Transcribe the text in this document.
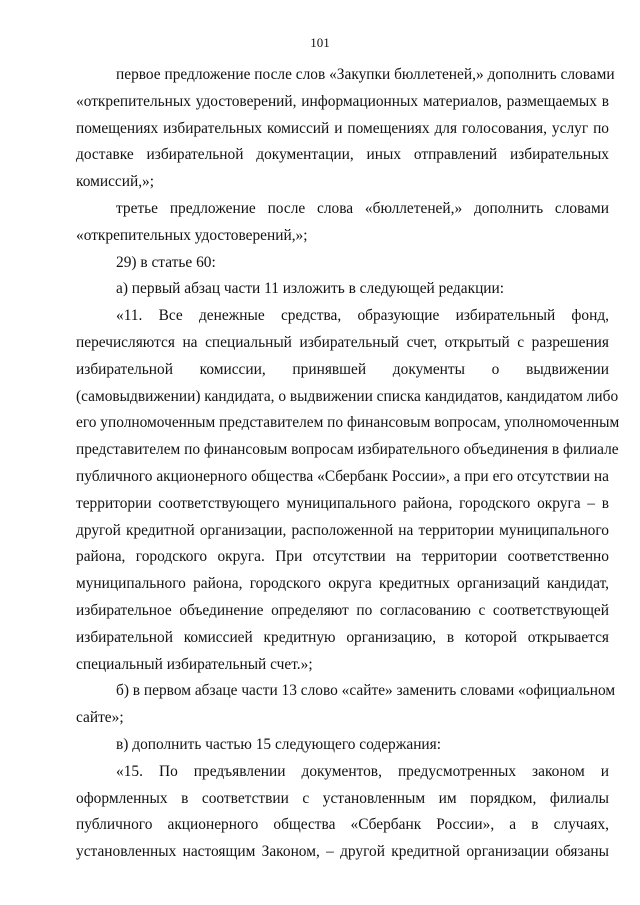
101
первое предложение после слов «Закупки бюллетеней,» дополнить словами
«открепительных удостоверений, информационных материалов, размещаемых в
помещениях избирательных комиссий и помещениях для голосования, услуг по
доставке избирательной документации, иных отправлений избирательных
комиссий,»;
третье предложение после слова «бюллетеней,» дополнить словами
«открепительных удостоверений,»;
29) в статье 60:
а) первый абзац части 11 изложить в следующей редакции:
«11. Все денежные средства, образующие избирательный фонд,
перечисляются на специальный избирательный счет, открытый с разрешения
избирательной комиссии, принявшей документы о выдвижении
(самовыдвижении) кандидата, о выдвижении списка кандидатов, кандидатом либо
его уполномоченным представителем по финансовым вопросам, уполномоченным
представителем по финансовым вопросам избирательного объединения в филиале
публичного акционерного общества «Сбербанк России», а при его отсутствии на
территории соответствующего муниципального района, городского округа – в
другой кредитной организации, расположенной на территории муниципального
района, городского округа. При отсутствии на территории соответственно
муниципального района, городского округа кредитных организаций кандидат,
избирательное объединение определяют по согласованию с соответствующей
избирательной комиссией кредитную организацию, в которой открывается
специальный избирательный счет.»;
б) в первом абзаце части 13 слово «сайте» заменить словами «официальном
сайте»;
в) дополнить частью 15 следующего содержания:
«15. По предъявлении документов, предусмотренных законом и
оформленных в соответствии с установленным им порядком, филиалы
публичного акционерного общества «Сбербанк России», а в случаях,
установленных настоящим Законом, – другой кредитной организации обязаны
